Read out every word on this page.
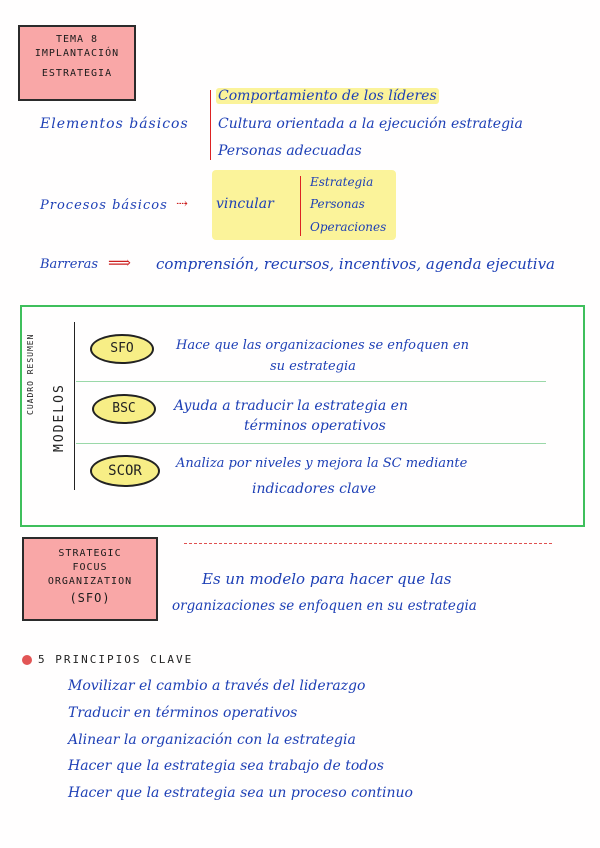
TEMA 8
IMPLANTACIÓN
ESTRATEGIA
Elementos básicos
Comportamiento de los líderes
Cultura orientada a la ejecución estrategia
Personas adecuadas
Procesos básicos ⇢ vincular
Estrategia
Personas
Operaciones
Barreras ⟹ comprensión, recursos, incentivos, agenda ejecutiva
CUADRO RESUMEN
MODELOS
SFO	Hace que las organizaciones se enfoquen en
su estrategia
BSC	Ayuda a traducir la estrategia en
términos operativos
SCOR	Analiza por niveles y mejora la SC mediante
indicadores clave
STRATEGIC
FOCUS
ORGANIZATION
(SFO)
Es un modelo para hacer que las
organizaciones se enfoquen en su estrategia
5 PRINCIPIOS CLAVE
Movilizar el cambio a través del liderazgo
Traducir en términos operativos
Alinear la organización con la estrategia
Hacer que la estrategia sea trabajo de todos
Hacer que la estrategia sea un proceso continuo
